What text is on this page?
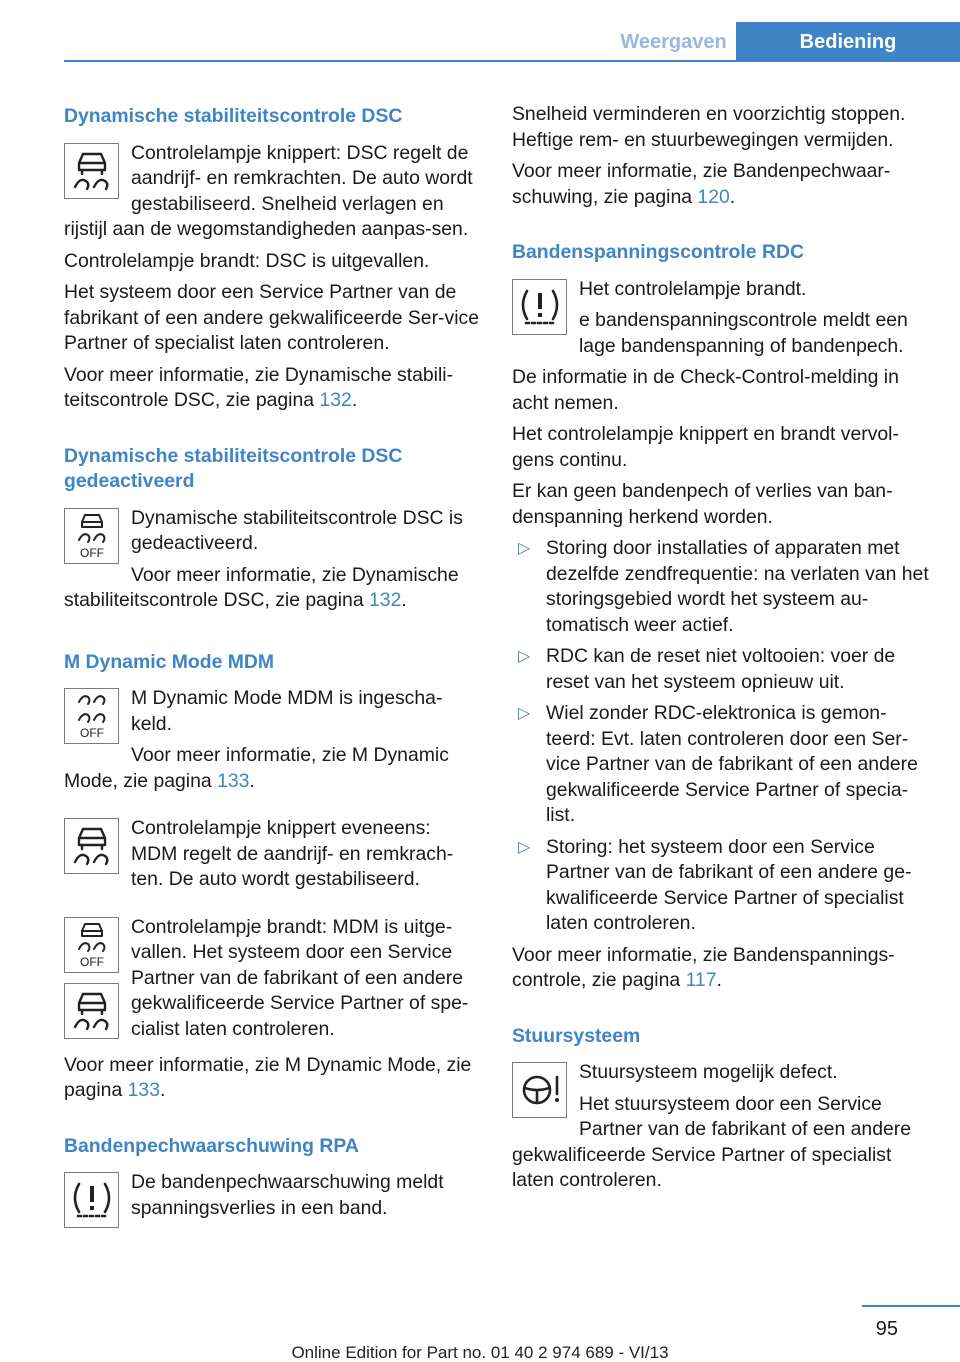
Weergaven	Bediening
Dynamische stabiliteitscontrole DSC

Controlelampje knippert: DSC regelt de aandrijf- en remkrachten. De auto wordt gestabiliseerd. Snelheid verlagen en rijstijl aan de wegomstandigheden aanpas-sen.

Controlelampje brandt: DSC is uitgevallen.

Het systeem door een Service Partner van de fabrikant of een andere gekwalificeerde Ser-vice Partner of specialist laten controleren.

Voor meer informatie, zie Dynamische stabili-teitscontrole DSC, zie pagina 132.

Dynamische stabiliteitscontrole DSC gedeactiveerd
OFF

Dynamische stabiliteitscontrole DSC is gedeactiveerd.

Voor meer informatie, zie Dynamische stabiliteitscontrole DSC, zie pagina 132.

M Dynamic Mode MDM
OFF

M Dynamic Mode MDM is ingescha-keld.

Voor meer informatie, zie M Dynamic Mode, zie pagina 133.

Controlelampje knippert eveneens: MDM regelt de aandrijf- en remkrach-ten. De auto wordt gestabiliseerd.

OFF

Controlelampje brandt: MDM is uitge-vallen. Het systeem door een Service Partner van de fabrikant of een andere gekwalificeerde Service Partner of spe-cialist laten controleren.

Voor meer informatie, zie M Dynamic Mode, zie pagina 133.

Bandenpechwaarschuwing RPA

De bandenpechwaarschuwing meldt spanningsverlies in een band.

Snelheid verminderen en voorzichtig stoppen. Heftige rem- en stuurbewegingen vermijden.

Voor meer informatie, zie Bandenpechwaar-schuwing, zie pagina 120.

Bandenspanningscontrole RDC

Het controlelampje brandt.

e bandenspanningscontrole meldt een lage bandenspanning of bandenpech.

De informatie in de Check-Control-melding in acht nemen.

Het controlelampje knippert en brandt vervol-gens continu.

Er kan geen bandenpech of verlies van ban-denspanning herkend worden.

▷ Storing door installaties of apparaten met dezelfde zendfrequentie: na verlaten van het storingsgebied wordt het systeem au-tomatisch weer actief.
▷ RDC kan de reset niet voltooien: voer de reset van het systeem opnieuw uit.
▷ Wiel zonder RDC-elektronica is gemon-teerd: Evt. laten controleren door een Ser-vice Partner van de fabrikant of een andere gekwalificeerde Service Partner of specia-list.
▷ Storing: het systeem door een Service Partner van de fabrikant of een andere ge-kwalificeerde Service Partner of specialist laten controleren.

Voor meer informatie, zie Bandenspannings-controle, zie pagina 117.

Stuursysteem

Stuursysteem mogelijk defect.

Het stuursysteem door een Service Partner van de fabrikant of een andere gekwalificeerde Service Partner of specialist laten controleren.

95
Online Edition for Part no. 01 40 2 974 689 - VI/13
